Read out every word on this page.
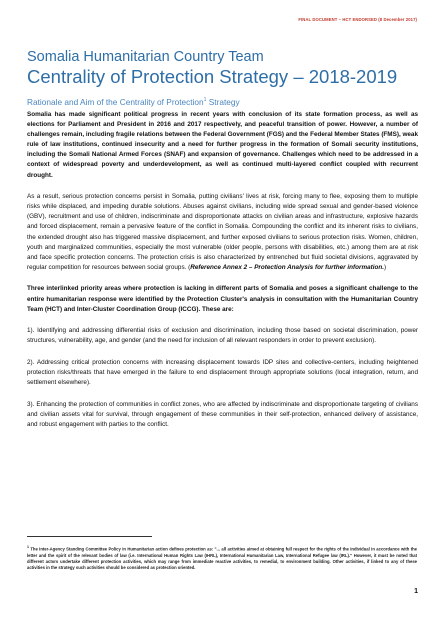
FINAL DOCUMENT – HCT ENDORSED (8 December 2017)
Somalia Humanitarian Country Team
Centrality of Protection Strategy – 2018-2019
Rationale and Aim of the Centrality of Protection$^1$ Strategy

Somalia has made significant political progress in recent years with conclusion of its state formation process, as well as elections for Parliament and President in 2016 and 2017 respectively, and peaceful transition of power. However, a number of challenges remain, including fragile relations between the Federal Government (FGS) and the Federal Member States (FMS), weak rule of law institutions, continued insecurity and a need for further progress in the formation of Somali security institutions, including the Somali National Armed Forces (SNAF) and expansion of governance. Challenges which need to be addressed in a context of widespread poverty and underdevelopment, as well as continued multi-layered conflict coupled with recurrent drought.

As a result, serious protection concerns persist in Somalia, putting civilians' lives at risk, forcing many to flee, exposing them to multiple risks while displaced, and impeding durable solutions. Abuses against civilians, including wide spread sexual and gender-based violence (GBV), recruitment and use of children, indiscriminate and disproportionate attacks on civilian areas and infrastructure, explosive hazards and forced displacement, remain a pervasive feature of the conflict in Somalia. Compounding the conflict and its inherent risks to civilians, the extended drought also has triggered massive displacement, and further exposed civilians to serious protection risks. Women, children, youth and marginalized communities, especially the most vulnerable (older people, persons with disabilities, etc.) among them are at risk and face specific protection concerns. The protection crisis is also characterized by entrenched but fluid societal divisions, aggravated by regular competition for resources between social groups. (Reference Annex 2 – Protection Analysis for further information.)

Three interlinked priority areas where protection is lacking in different parts of Somalia and poses a significant challenge to the entire humanitarian response were identified by the Protection Cluster's analysis in consultation with the Humanitarian Country Team (HCT) and Inter-Cluster Coordination Group (ICCG). These are:

1). Identifying and addressing differential risks of exclusion and discrimination, including those based on societal discrimination, power structures, vulnerability, age, and gender (and the need for inclusion of all relevant responders in order to prevent exclusion).

2). Addressing critical protection concerns with increasing displacement towards IDP sites and collective-centers, including heightened protection risks/threats that have emerged in the failure to end displacement through appropriate solutions (local integration, return, and settlement elsewhere).

3). Enhancing the protection of communities in conflict zones, who are affected by indiscriminate and disproportionate targeting of civilians and civilian assets vital for survival, through engagement of these communities in their self-protection, enhanced delivery of assistance, and robust engagement with parties to the conflict.

$^1$ The Inter-Agency Standing Committee Policy in Humanitarian action defines protection as: "... all activities aimed at obtaining full respect for the rights of the individual in accordance with the letter and the spirit of the relevant bodies of law (i.e. International Human Rights Law (IHRL), International Humanitarian Law, International Refugee law (IRL)." However, it must be noted that different actors undertake different protection activities, which may range from immediate reactive activities, to remedial, to environment building. Other activities, if linked to any of these activities in the strategy such activities should be considered as protection oriented.
1
